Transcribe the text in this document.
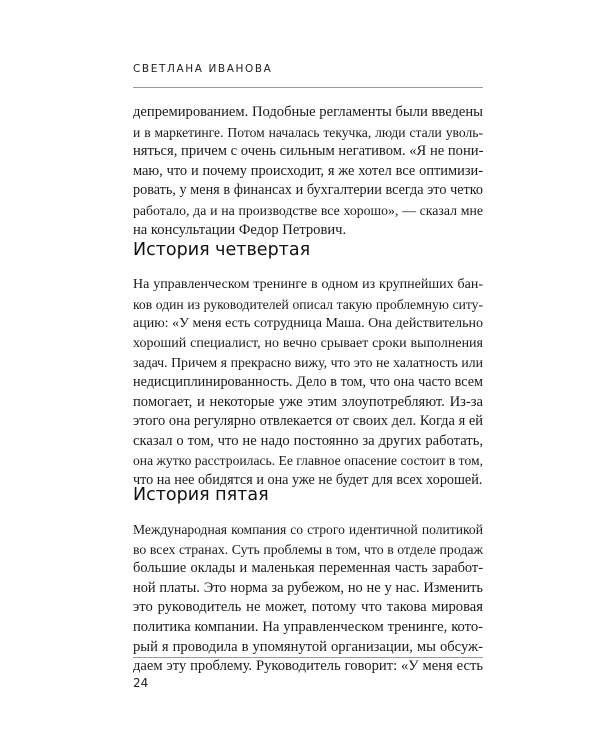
СВЕТЛАНА ИВАНОВА
депремированием. Подобные регламенты были введены
и в маркетинге. Потом началась текучка, люди стали уволь-
няться, причем с очень сильным негативом. «Я не пони-
маю, что и почему происходит, я же хотел все оптимизи-
ровать, у меня в финансах и бухгалтерии всегда это четко
работало, да и на производстве все хорошо», — сказал мне
на консультации Федор Петрович.
История четвертая
На управленческом тренинге в одном из крупнейших бан-
ков один из руководителей описал такую проблемную ситу-
ацию: «У меня есть сотрудница Маша. Она действительно
хороший специалист, но вечно срывает сроки выполнения
задач. Причем я прекрасно вижу, что это не халатность или
недисциплинированность. Дело в том, что она часто всем
помогает, и некоторые уже этим злоупотребляют. Из-за
этого она регулярно отвлекается от своих дел. Когда я ей
сказал о том, что не надо постоянно за других работать,
она жутко расстроилась. Ее главное опасение состоит в том,
что на нее обидятся и она уже не будет для всех хорошей.
История пятая
Международная компания со строго идентичной политикой
во всех странах. Суть проблемы в том, что в отделе продаж
большие оклады и маленькая переменная часть заработ-
ной платы. Это норма за рубежом, но не у нас. Изменить
это руководитель не может, потому что такова мировая
политика компании. На управленческом тренинге, кото-
рый я проводила в упомянутой организации, мы обсуж-
даем эту проблему. Руководитель говорит: «У меня есть
24
